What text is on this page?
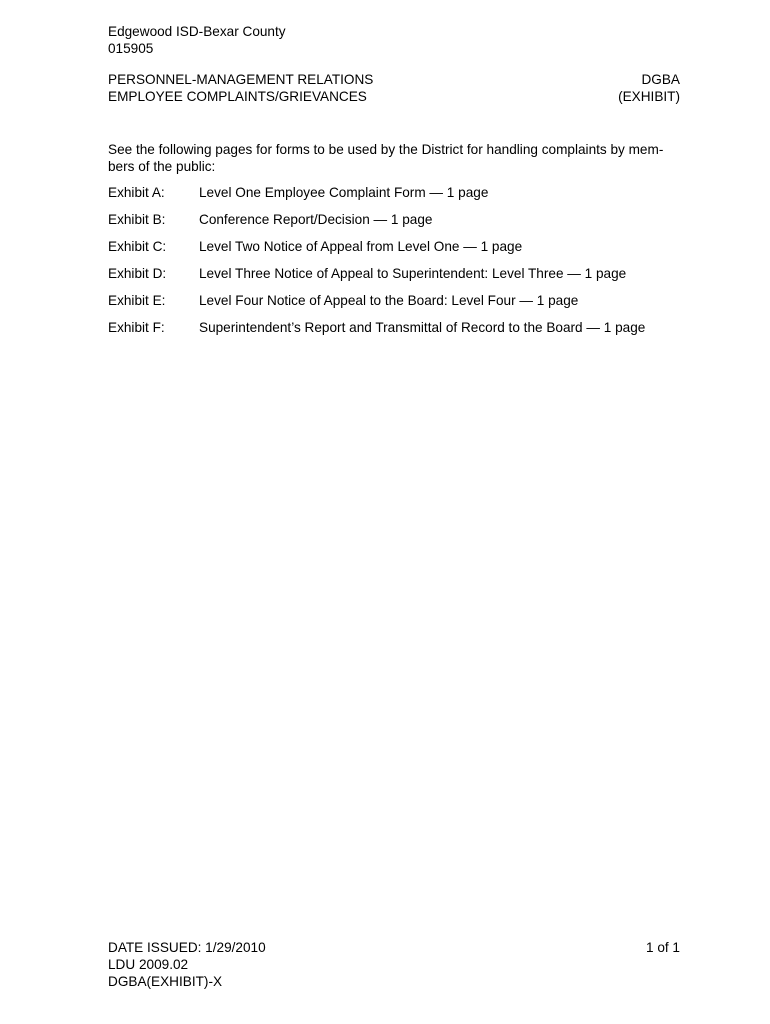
Edgewood ISD-Bexar County
015905
PERSONNEL-MANAGEMENT RELATIONS	DGBA
EMPLOYEE COMPLAINTS/GRIEVANCES	(EXHIBIT)
See the following pages for forms to be used by the District for handling complaints by mem-bers of the public:
Exhibit A:	Level One Employee Complaint Form — 1 page
Exhibit B:	Conference Report/Decision — 1 page
Exhibit C:	Level Two Notice of Appeal from Level One — 1 page
Exhibit D:	Level Three Notice of Appeal to Superintendent: Level Three — 1 page
Exhibit E:	Level Four Notice of Appeal to the Board: Level Four — 1 page
Exhibit F:	Superintendent’s Report and Transmittal of Record to the Board — 1 page
DATE ISSUED: 1/29/2010	1 of 1
LDU 2009.02
DGBA(EXHIBIT)-X
